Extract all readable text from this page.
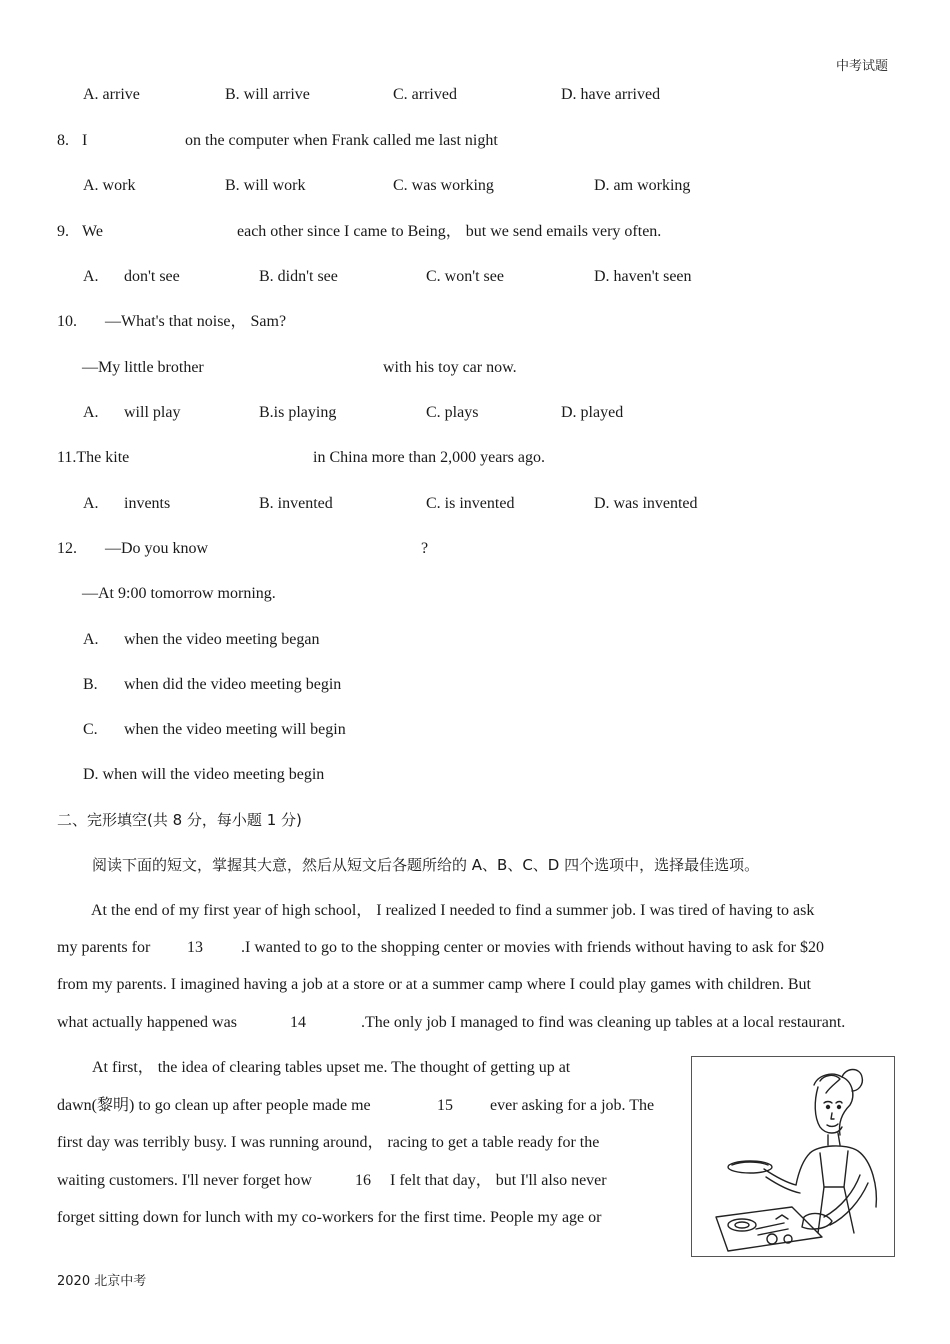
中考试题
2020 北京中考
A. arrive	B. will arrive	C. arrived	D. have arrived
8. I	on the computer when Frank called me last night
A. work	B. will work	C. was working	D. am working
9. We	each other since I came to Being， but we send emails very often.
A. don't see	B. didn't see	C. won't see	D. haven't seen
10. —What's that noise， Sam?
—My little brother	with his toy car now.
A. will play	B.is playing	C. plays	D. played
11.The kite	in China more than 2,000 years ago.
A. invents	B. invented	C. is invented	D. was invented
12. —Do you know	?
—At 9:00 tomorrow morning.
A. when the video meeting began
B. when did the video meeting begin
C. when the video meeting will begin
D. when will the video meeting begin
二、完形填空(共 8 分，每小题 1 分)
阅读下面的短文，掌握其大意，然后从短文后各题所给的 A、B、C、D 四个选项中，选择最佳选项。
At the end of my first year of high school， I realized I needed to find a summer job. I was tired of having to ask
my parents for 13 .I wanted to go to the shopping center or movies with friends without having to ask for $20
from my parents. I imagined having a job at a store or at a summer camp where I could play games with children. But
what actually happened was	14	.The only job I managed to find was cleaning up tables at a local restaurant.
At first， the idea of clearing tables upset me. The thought of getting up at
dawn(黎明) to go clean up after people made me	15 ever asking for a job. The
first day was terribly busy. I was running around， racing to get a table ready for the
waiting customers. I'll never forget how	16 I felt that day， but I'll also never
forget sitting down for lunch with my co-workers for the first time. People my age or
